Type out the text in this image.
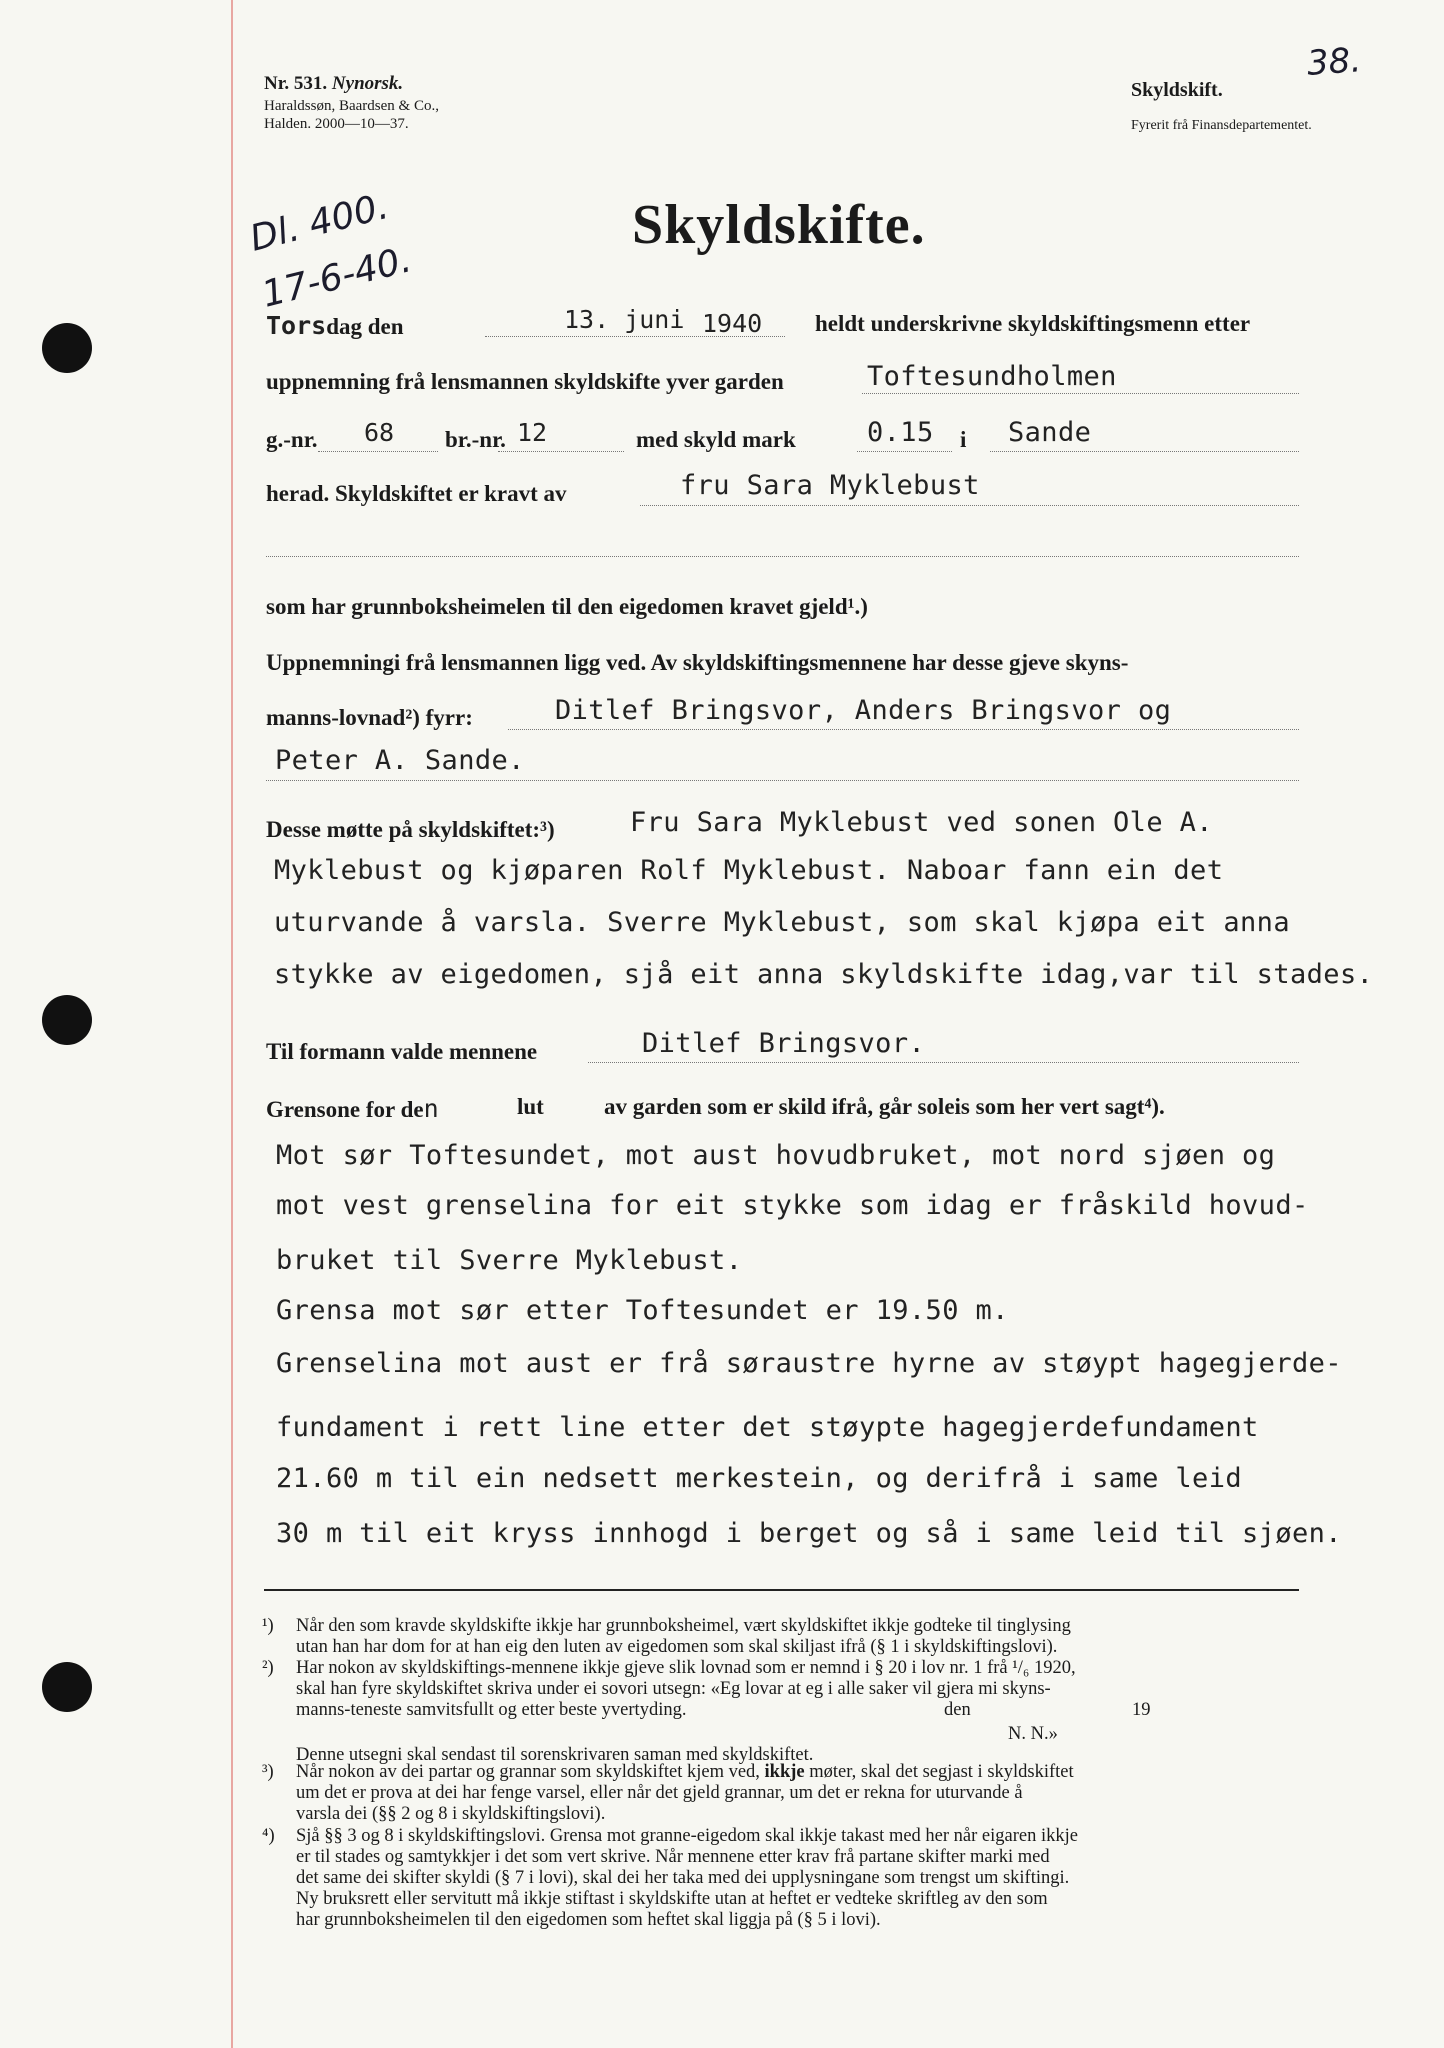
Nr. 531. Nynorsk.
Haraldssøn, Baardsen & Co.,
Halden. 2000—10—37.
Skyldskift.
Fyrerit frå Finansdepartementet.
38.
Dl. 400.
17-6-40.
Skyldskifte.
Torsdag den	13. juni 1940 heldt underskrivne skyldskiftingsmenn etter
uppnemning frå lensmannen skyldskifte yver garden	Toftesundholmen
g.-nr. 68 br.-nr. 12	med skyld mark	0.15 i Sande
herad. Skyldskiftet er kravt av	fru Sara Myklebust
som har grunnboksheimelen til den eigedomen kravet gjeld¹.)
Uppnemningi frå lensmannen ligg ved. Av skyldskiftingsmennene har desse gjeve skyns-
manns-lovnad²) fyrr:	Ditlef Bringsvor, Anders Bringsvor og
Peter A. Sande.
Desse møtte på skyldskiftet:³)	Fru Sara Myklebust ved sonen Ole A.
Myklebust og kjøparen Rolf Myklebust. Naboar fann ein det
uturvande å varsla. Sverre Myklebust, som skal kjøpa eit anna
stykke av eigedomen, sjå eit anna skyldskifte idag,var til stades.
Til formann valde mennene	Ditlef Bringsvor.
Grensone for den	lut	av garden som er skild ifrå, går soleis som her vert sagt⁴).
Mot sør Toftesundet, mot aust hovudbruket, mot nord sjøen og
mot vest grenselina for eit stykke som idag er fråskild hovud-
bruket til Sverre Myklebust.
Grensa mot sør etter Toftesundet er 19.50 m.
Grenselina mot aust er frå søraustre hyrne av støypt hagegjerde-
fundament i rett line etter det støypte hagegjerdefundament
21.60 m til ein nedsett merkestein, og derifrå i same leid
30 m til eit kryss innhogd i berget og så i same leid til sjøen.
¹) Når den som kravde skyldskifte ikkje har grunnboksheimel, vært skyldskiftet ikkje godteke til tinglysing
utan han har dom for at han eig den luten av eigedomen som skal skiljast ifrå (§ 1 i skyldskiftingslovi).
²) Har nokon av skyldskiftings-mennene ikkje gjeve slik lovnad som er nemnd i § 20 i lov nr. 1 frå ¹/₆ 1920,
skal han fyre skyldskiftet skriva under ei sovori utsegn: «Eg lovar at eg i alle saker vil gjera mi skyns-
manns-teneste samvitsfullt og etter beste yvertyding.	den	19
N. N.»
Denne utsegni skal sendast til sorenskrivaren saman med skyldskiftet.
³) Når nokon av dei partar og grannar som skyldskiftet kjem ved, ikkje møter, skal det segjast i skyldskiftet
um det er prova at dei har fenge varsel, eller når det gjeld grannar, um det er rekna for uturvande å
varsla dei (§§ 2 og 8 i skyldskiftingslovi).
⁴) Sjå §§ 3 og 8 i skyldskiftingslovi. Grensa mot granne-eigedom skal ikkje takast med her når eigaren ikkje
er til stades og samtykkjer i det som vert skrive. Når mennene etter krav frå partane skifter marki med
det same dei skifter skyldi (§ 7 i lovi), skal dei her taka med dei upplysningane som trengst um skiftingi.
Ny bruksrett eller servitutt må ikkje stiftast i skyldskifte utan at heftet er vedteke skriftleg av den som
har grunnboksheimelen til den eigedomen som heftet skal liggja på (§ 5 i lovi).
